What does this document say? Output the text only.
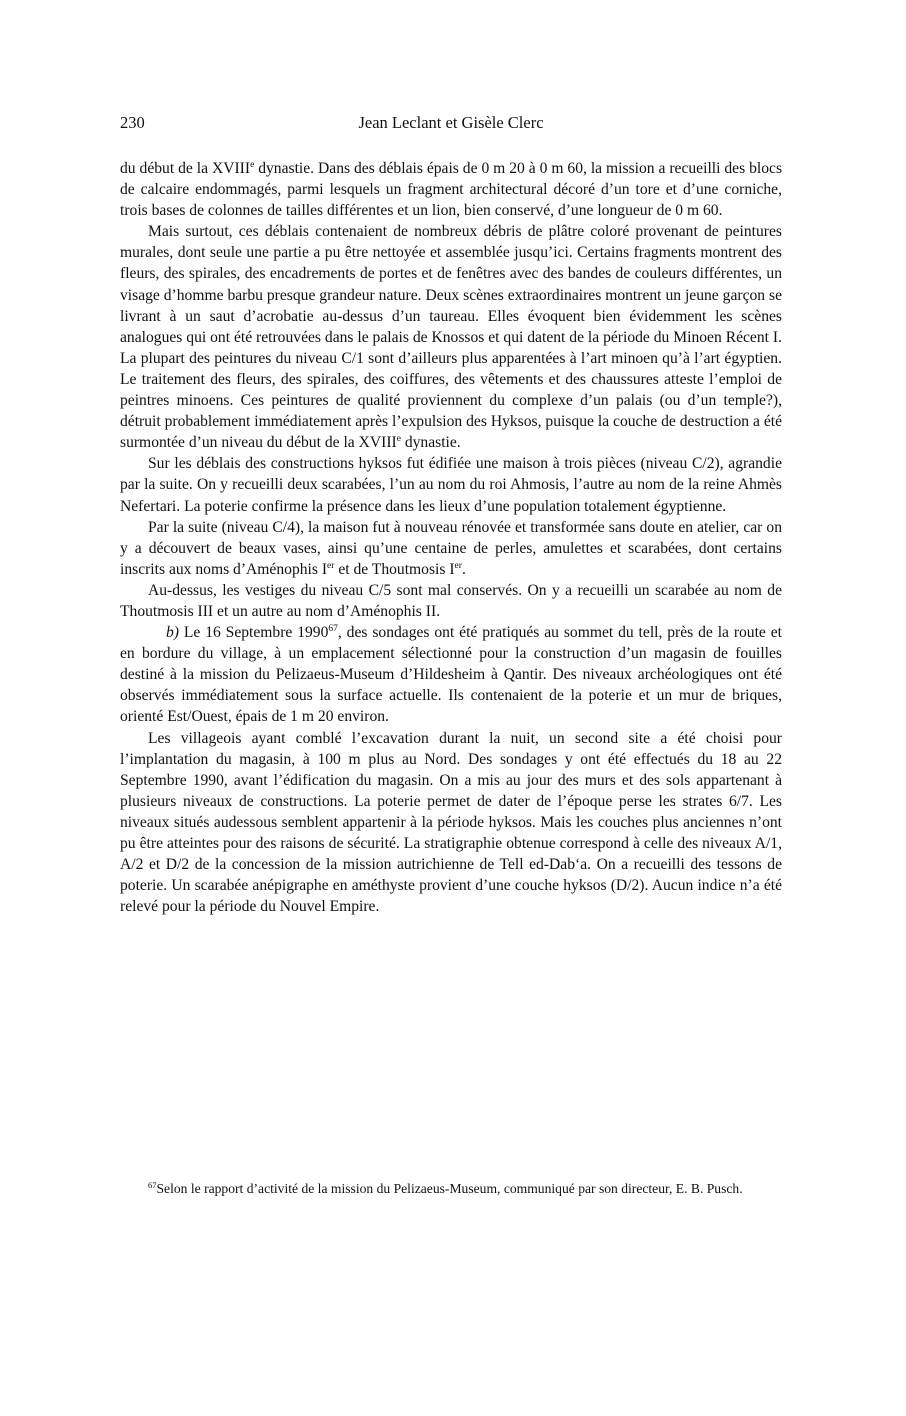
230	Jean Leclant et Gisèle Clerc

du début de la XVIIIe dynastie. Dans des déblais épais de 0 m 20 à 0 m 60, la mission a recueilli des blocs de calcaire endommagés, parmi lesquels un fragment architectural décoré d’un tore et d’une corniche, trois bases de colonnes de tailles différentes et un lion, bien conservé, d’une longueur de 0 m 60.

Mais surtout, ces déblais contenaient de nombreux débris de plâtre coloré provenant de peintures murales, dont seule une partie a pu être nettoyée et assemblée jusqu’ici. Certains fragments montrent des fleurs, des spirales, des encadrements de portes et de fenêtres avec des bandes de couleurs différentes, un visage d’homme barbu presque grandeur nature. Deux scènes extraordinaires montrent un jeune garçon se livrant à un saut d’acrobatie au-dessus d’un taureau. Elles évoquent bien évidemment les scènes analogues qui ont été retrouvées dans le palais de Knossos et qui datent de la période du Minoen Récent I. La plupart des peintures du niveau C/1 sont d’ailleurs plus apparentées à l’art minoen qu’à l’art égyptien. Le traitement des fleurs, des spirales, des coiffures, des vêtements et des chaussures atteste l’emploi de peintres minoens. Ces peintures de qualité proviennent du complexe d’un palais (ou d’un temple?), détruit probablement immédiatement après l’expulsion des Hyksos, puisque la couche de destruction a été surmontée d’un niveau du début de la XVIIIe dynastie.

Sur les déblais des constructions hyksos fut édifiée une maison à trois pièces (niveau C/2), agrandie par la suite. On y recueilli deux scarabées, l’un au nom du roi Ahmosis, l’autre au nom de la reine Ahmès Nefertari. La poterie confirme la présence dans les lieux d’une population totalement égyptienne.

Par la suite (niveau C/4), la maison fut à nouveau rénovée et transformée sans doute en atelier, car on y a découvert de beaux vases, ainsi qu’une centaine de perles, amulettes et scarabées, dont certains inscrits aux noms d’Aménophis Ier et de Thoutmosis Ier.

Au-dessus, les vestiges du niveau C/5 sont mal conservés. On y a recueilli un scarabée au nom de Thoutmosis III et un autre au nom d’Aménophis II.

b) Le 16 Septembre 1990$^{67}$, des sondages ont été pratiqués au sommet du tell, près de la route et en bordure du village, à un emplacement sélectionné pour la construction d’un magasin de fouilles destiné à la mission du Pelizaeus-Museum d’Hildesheim à Qantir. Des niveaux archéologiques ont été observés immédiatement sous la surface actuelle. Ils contenaient de la poterie et un mur de briques, orienté Est/Ouest, épais de 1 m 20 environ.

Les villageois ayant comblé l’excavation durant la nuit, un second site a été choisi pour l’implantation du magasin, à 100 m plus au Nord. Des sondages y ont été effectués du 18 au 22 Septembre 1990, avant l’édification du magasin. On a mis au jour des murs et des sols appartenant à plusieurs niveaux de constructions. La poterie permet de dater de l’époque perse les strates 6/7. Les niveaux situés audessous semblent appartenir à la période hyksos. Mais les couches plus anciennes n’ont pu être atteintes pour des raisons de sécurité. La stratigraphie obtenue correspond à celle des niveaux A/1, A/2 et D/2 de la concession de la mission autrichienne de Tell ed-Dab‘a. On a recueilli des tessons de poterie. Un scarabée anépigraphe en améthyste provient d’une couche hyksos (D/2). Aucun indice n’a été relevé pour la période du Nouvel Empire.

$^{67}$Selon le rapport d’activité de la mission du Pelizaeus-Museum, communiqué par son directeur, E. B. Pusch.
